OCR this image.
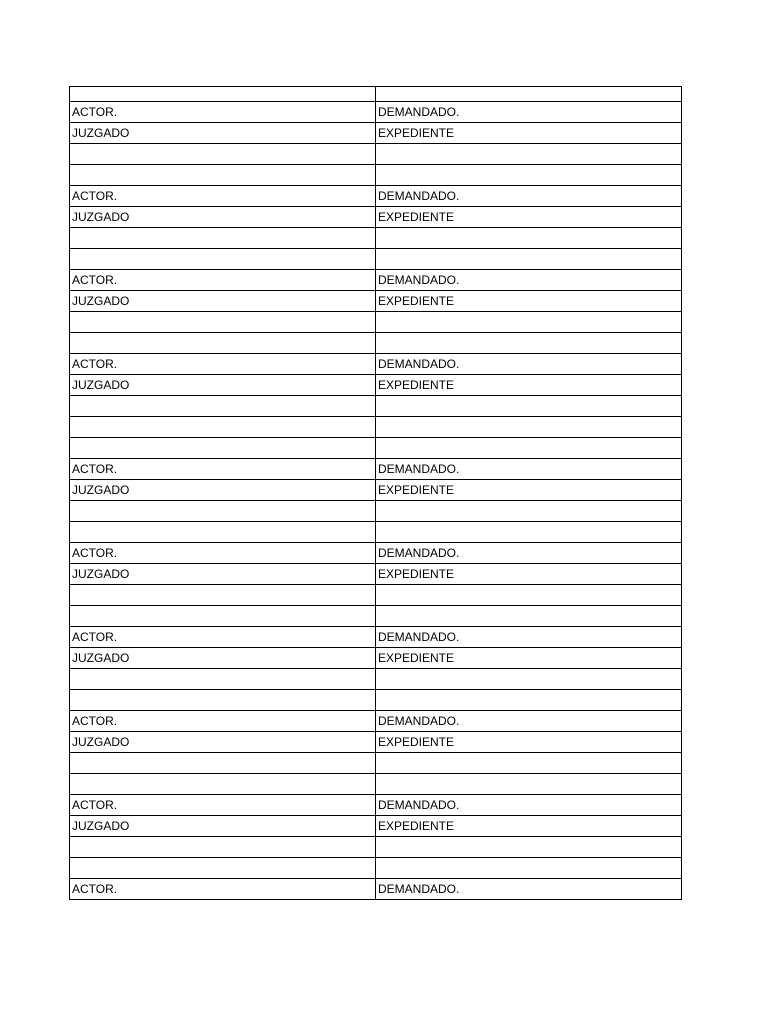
ACTOR.	DEMANDADO.
JUZGADO	EXPEDIENTE

ACTOR.	DEMANDADO.
JUZGADO	EXPEDIENTE

ACTOR.	DEMANDADO.
JUZGADO	EXPEDIENTE

ACTOR.	DEMANDADO.
JUZGADO	EXPEDIENTE

ACTOR.	DEMANDADO.
JUZGADO	EXPEDIENTE

ACTOR.	DEMANDADO.
JUZGADO	EXPEDIENTE

ACTOR.	DEMANDADO.
JUZGADO	EXPEDIENTE

ACTOR.	DEMANDADO.
JUZGADO	EXPEDIENTE

ACTOR.	DEMANDADO.
JUZGADO	EXPEDIENTE

ACTOR.	DEMANDADO.
